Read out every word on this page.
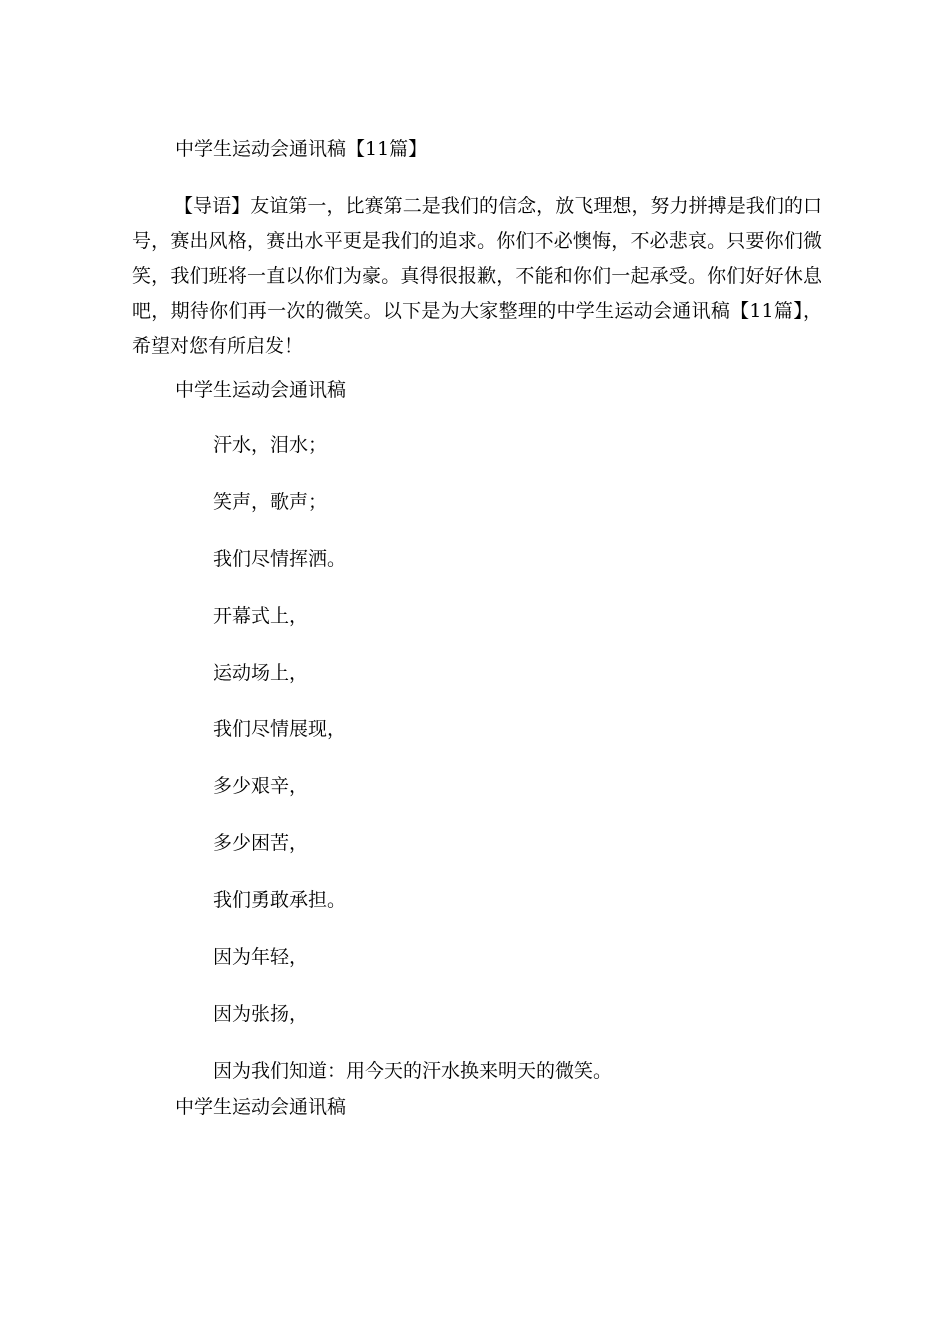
中学生运动会通讯稿【11篇】

【导语】友谊第一，比赛第二是我们的信念，放飞理想，努力拼搏是我们的口号，赛出风格，赛出水平更是我们的追求。你们不必懊悔，不必悲哀。只要你们微笑，我们班将一直以你们为豪。真得很报歉，不能和你们一起承受。你们好好休息吧，期待你们再一次的微笑。以下是为大家整理的中学生运动会通讯稿【11篇】，希望对您有所启发！

中学生运动会通讯稿
汗水，泪水；
笑声，歌声；
我们尽情挥洒。
开幕式上，
运动场上，
我们尽情展现，
多少艰辛，
多少困苦，
我们勇敢承担。
因为年轻，
因为张扬，
因为我们知道：用今天的汗水换来明天的微笑。
中学生运动会通讯稿
